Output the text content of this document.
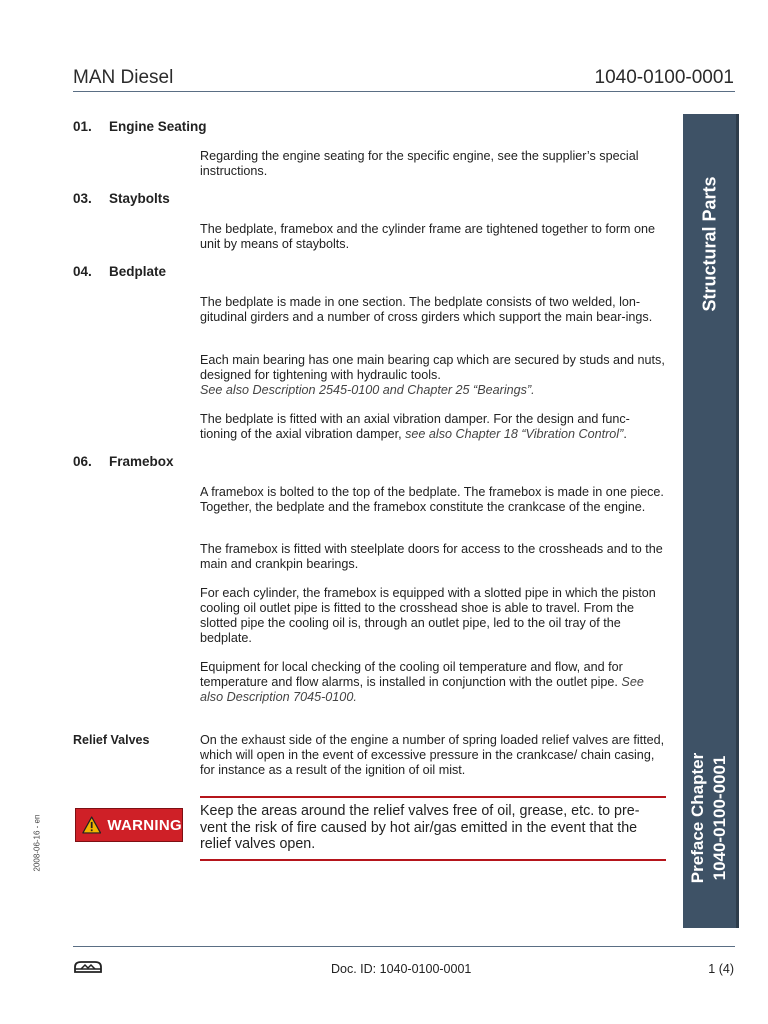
MAN Diesel	1040-0100-0001
Structural Parts
Preface Chapter 1040-0100-0001
01. Engine Seating

Regarding the engine seating for the specific engine, see the supplier’s special instructions.

03. Staybolts

The bedplate, framebox and the cylinder frame are tightened together to form one unit by means of staybolts.

04. Bedplate

The bedplate is made in one section. The bedplate consists of two welded, lon-gitudinal girders and a number of cross girders which support the main bear-ings.

Each main bearing has one main bearing cap which are secured by studs and nuts, designed for tightening with hydraulic tools.
See also Description 2545-0100 and Chapter 25 “Bearings”.

The bedplate is fitted with an axial vibration damper. For the design and func-tioning of the axial vibration damper, see also Chapter 18 “Vibration Control”.

06. Framebox

A framebox is bolted to the top of the bedplate. The framebox is made in one piece. Together, the bedplate and the framebox constitute the crankcase of the engine.

The framebox is fitted with steelplate doors for access to the crossheads and to the main and crankpin bearings.

For each cylinder, the framebox is equipped with a slotted pipe in which the piston cooling oil outlet pipe is fitted to the crosshead shoe is able to travel. From the slotted pipe the cooling oil is, through an outlet pipe, led to the oil tray of the bedplate.

Equipment for local checking of the cooling oil temperature and flow, and for temperature and flow alarms, is installed in conjunction with the outlet pipe. See also Description 7045-0100.

Relief Valves	On the exhaust side of the engine a number of spring loaded relief valves are fitted, which will open in the event of excessive pressure in the crankcase/ chain casing, for instance as a result of the ignition of oil mist.

WARNING

Keep the areas around the relief valves free of oil, grease, etc. to pre-vent the risk of fire caused by hot air/gas emitted in the event that the relief valves open.

2008-06-16 - en
Doc. ID: 1040-0100-0001	1 (4)
